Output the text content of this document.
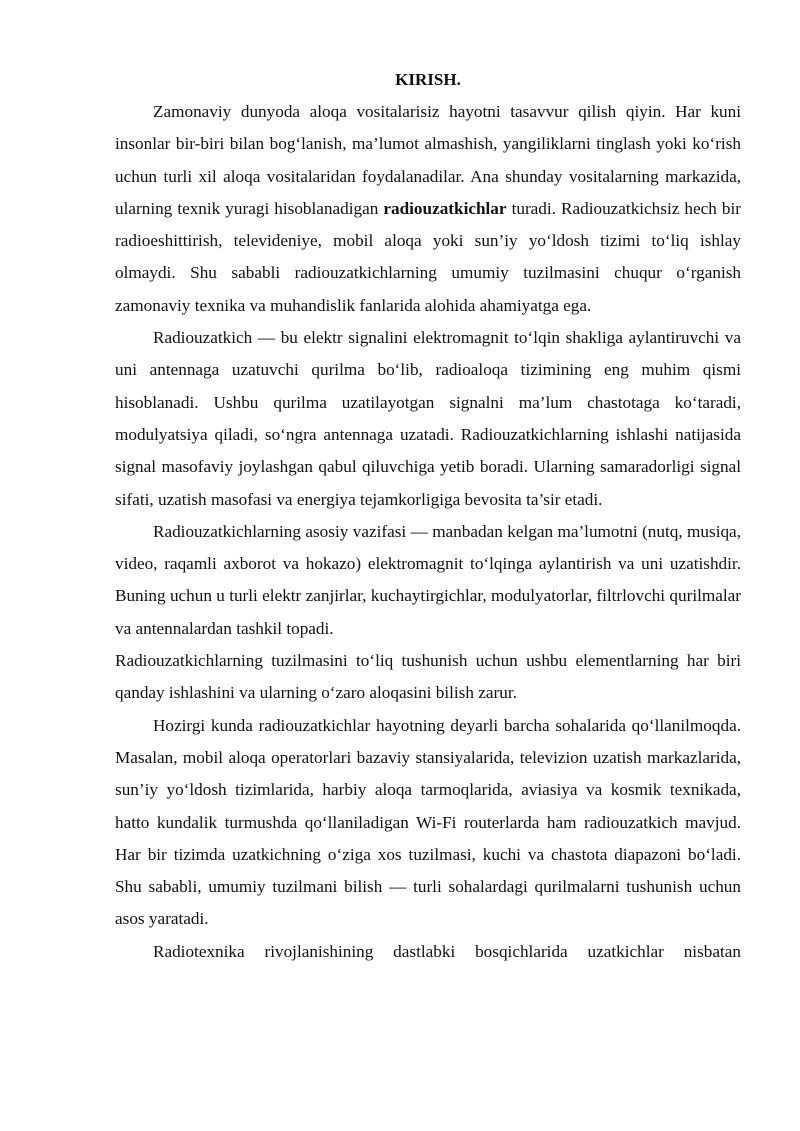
KIRISH.

Zamonaviy dunyoda aloqa vositalarisiz hayotni tasavvur qilish qiyin. Har kuni insonlar bir-biri bilan bog‘lanish, ma’lumot almashish, yangiliklarni tinglash yoki ko‘rish uchun turli xil aloqa vositalaridan foydalanadilar. Ana shunday vositalarning markazida, ularning texnik yuragi hisoblanadigan radiouzatkichlar turadi. Radiouzatkichsiz hech bir radioeshittirish, televideniye, mobil aloqa yoki sun’iy yo‘ldosh tizimi to‘liq ishlay olmaydi. Shu sababli radiouzatkichlarning umumiy tuzilmasini chuqur o‘rganish zamonaviy texnika va muhandislik fanlarida alohida ahamiyatga ega.

Radiouzatkich — bu elektr signalini elektromagnit to‘lqin shakliga aylantiruvchi va uni antennaga uzatuvchi qurilma bo‘lib, radioaloqa tizimining eng muhim qismi hisoblanadi. Ushbu qurilma uzatilayotgan signalni ma’lum chastotaga ko‘taradi, modulyatsiya qiladi, so‘ngra antennaga uzatadi. Radiouzatkichlarning ishlashi natijasida signal masofaviy joylashgan qabul qiluvchiga yetib boradi. Ularning samaradorligi signal sifati, uzatish masofasi va energiya tejamkorligiga bevosita ta’sir etadi.

Radiouzatkichlarning asosiy vazifasi — manbadan kelgan ma’lumotni (nutq, musiqa, video, raqamli axborot va hokazo) elektromagnit to‘lqinga aylantirish va uni uzatishdir. Buning uchun u turli elektr zanjirlar, kuchaytirgichlar, modulyatorlar, filtrlovchi qurilmalar va antennalardan tashkil topadi.

Radiouzatkichlarning tuzilmasini to‘liq tushunish uchun ushbu elementlarning har biri qanday ishlashini va ularning o‘zaro aloqasini bilish zarur.

Hozirgi kunda radiouzatkichlar hayotning deyarli barcha sohalarida qo‘llanilmoqda. Masalan, mobil aloqa operatorlari bazaviy stansiyalarida, televizion uzatish markazlarida, sun’iy yo‘ldosh tizimlarida, harbiy aloqa tarmoqlarida, aviasiya va kosmik texnikada, hatto kundalik turmushda qo‘llaniladigan Wi-Fi routerlarda ham radiouzatkich mavjud. Har bir tizimda uzatkichning o‘ziga xos tuzilmasi, kuchi va chastota diapazoni bo‘ladi. Shu sababli, umumiy tuzilmani bilish — turli sohalardagi qurilmalarni tushunish uchun asos yaratadi.

Radiotexnika rivojlanishining dastlabki bosqichlarida uzatkichlar nisbatan
